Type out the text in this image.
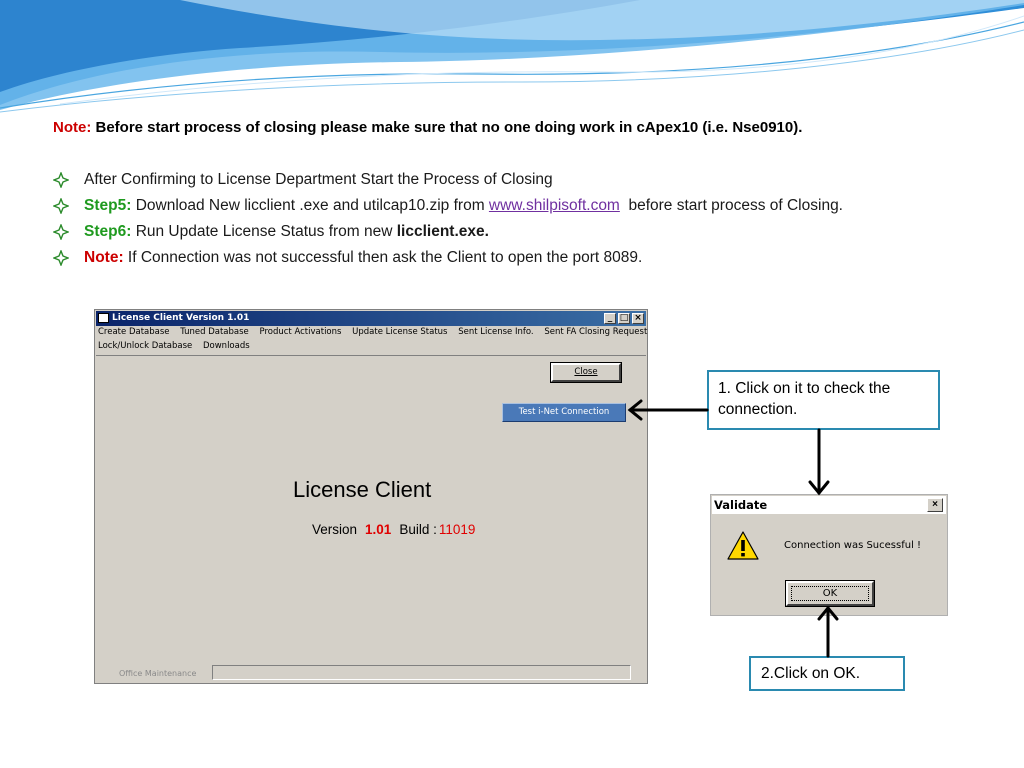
Note: Before start process of closing please make sure that no one doing work in cApex10 (i.e. Nse0910).
After Confirming to License Department Start the Process of Closing
Step5: Download New licclient .exe and utilcap10.zip from www.shilpisoft.com  before start process of Closing.
Step6: Run Update License Status from new licclient.exe.
Note: If Connection was not successful then ask the Client to open the port 8089.
License Client Version 1.01	_ □ ×
Create Database Tuned Database Product Activations Update License Status Sent License Info. Sent FA Closing Request
Lock/Unlock Database Downloads
Close
Test i-Net Connection
License Client
Version 1.01 Build : 11019
Office Maintenance
1. Click on it to check the connection.
Validate	×
Connection was Sucessful !
OK
2.Click on OK.
